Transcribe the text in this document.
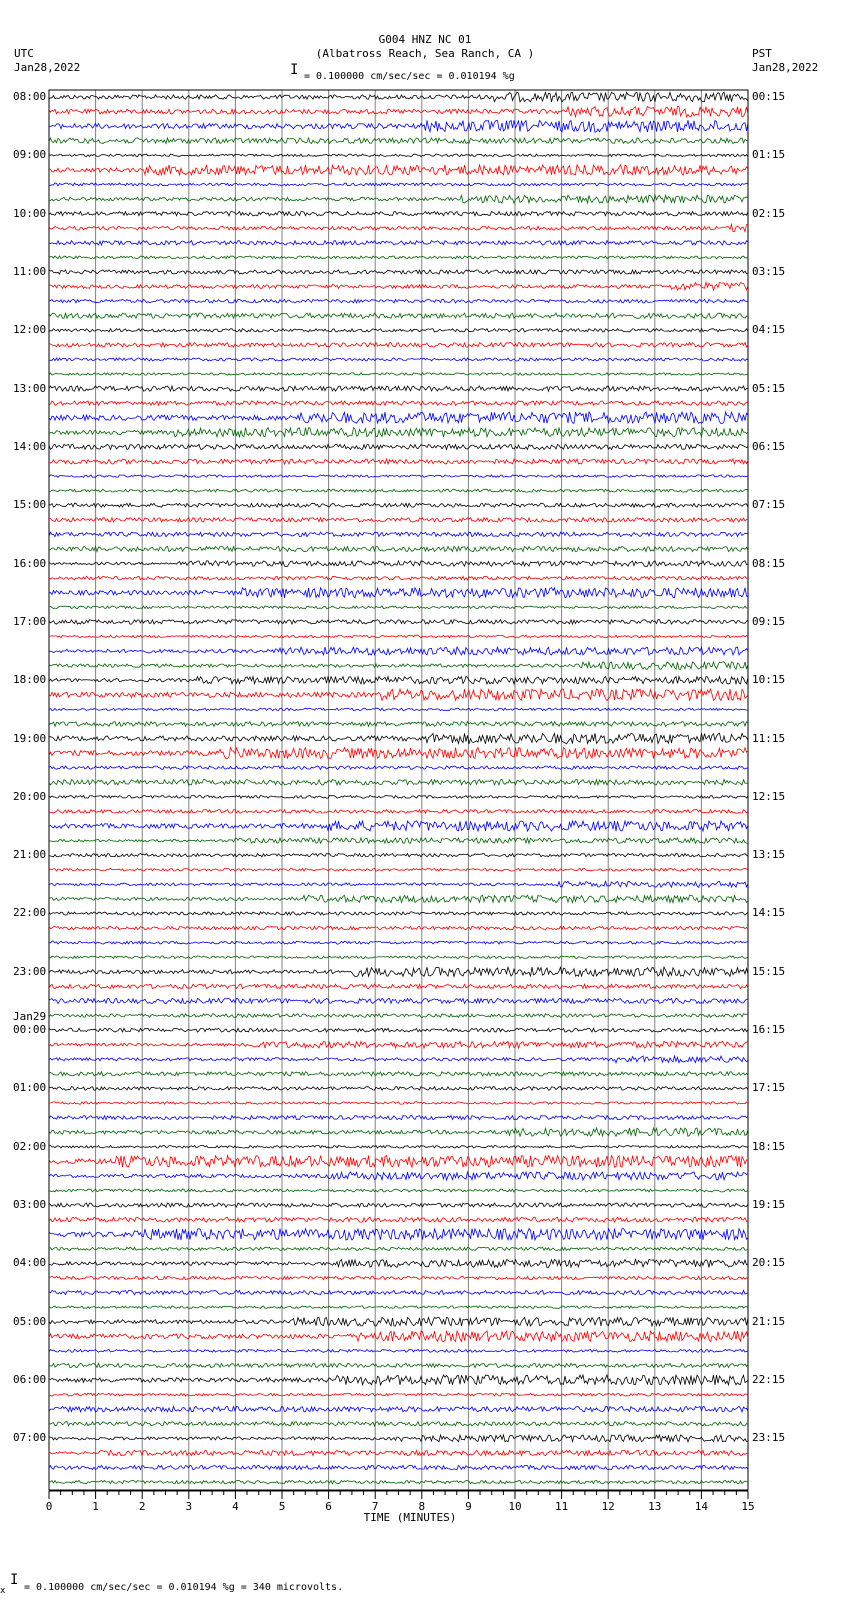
G004 HNZ NC 01
(Albatross Reach, Sea Ranch, CA )
UTC
Jan28,2022
PST
Jan28,2022
I = 0.100000 cm/sec/sec = 0.010194 %g
0	1	2	3	4	5	6	7	8	9	10	11	12	13	14	15
08:00
09:00
10:00
11:00
12:00
13:00
14:00
15:00
16:00
17:00
18:00
19:00
20:00
21:00
22:00
23:00
00:00
Jan29
01:00
02:00
03:00
04:00
05:00
06:00
07:00
00:15
01:15
02:15
03:15
04:15
05:15
06:15
07:15
08:15
09:15
10:15
11:15
12:15
13:15
14:15
15:15
16:15
17:15
18:15
19:15
20:15
21:15
22:15
23:15
TIME (MINUTES)
x
I = 0.100000 cm/sec/sec = 0.010194 %g = 340 microvolts.
